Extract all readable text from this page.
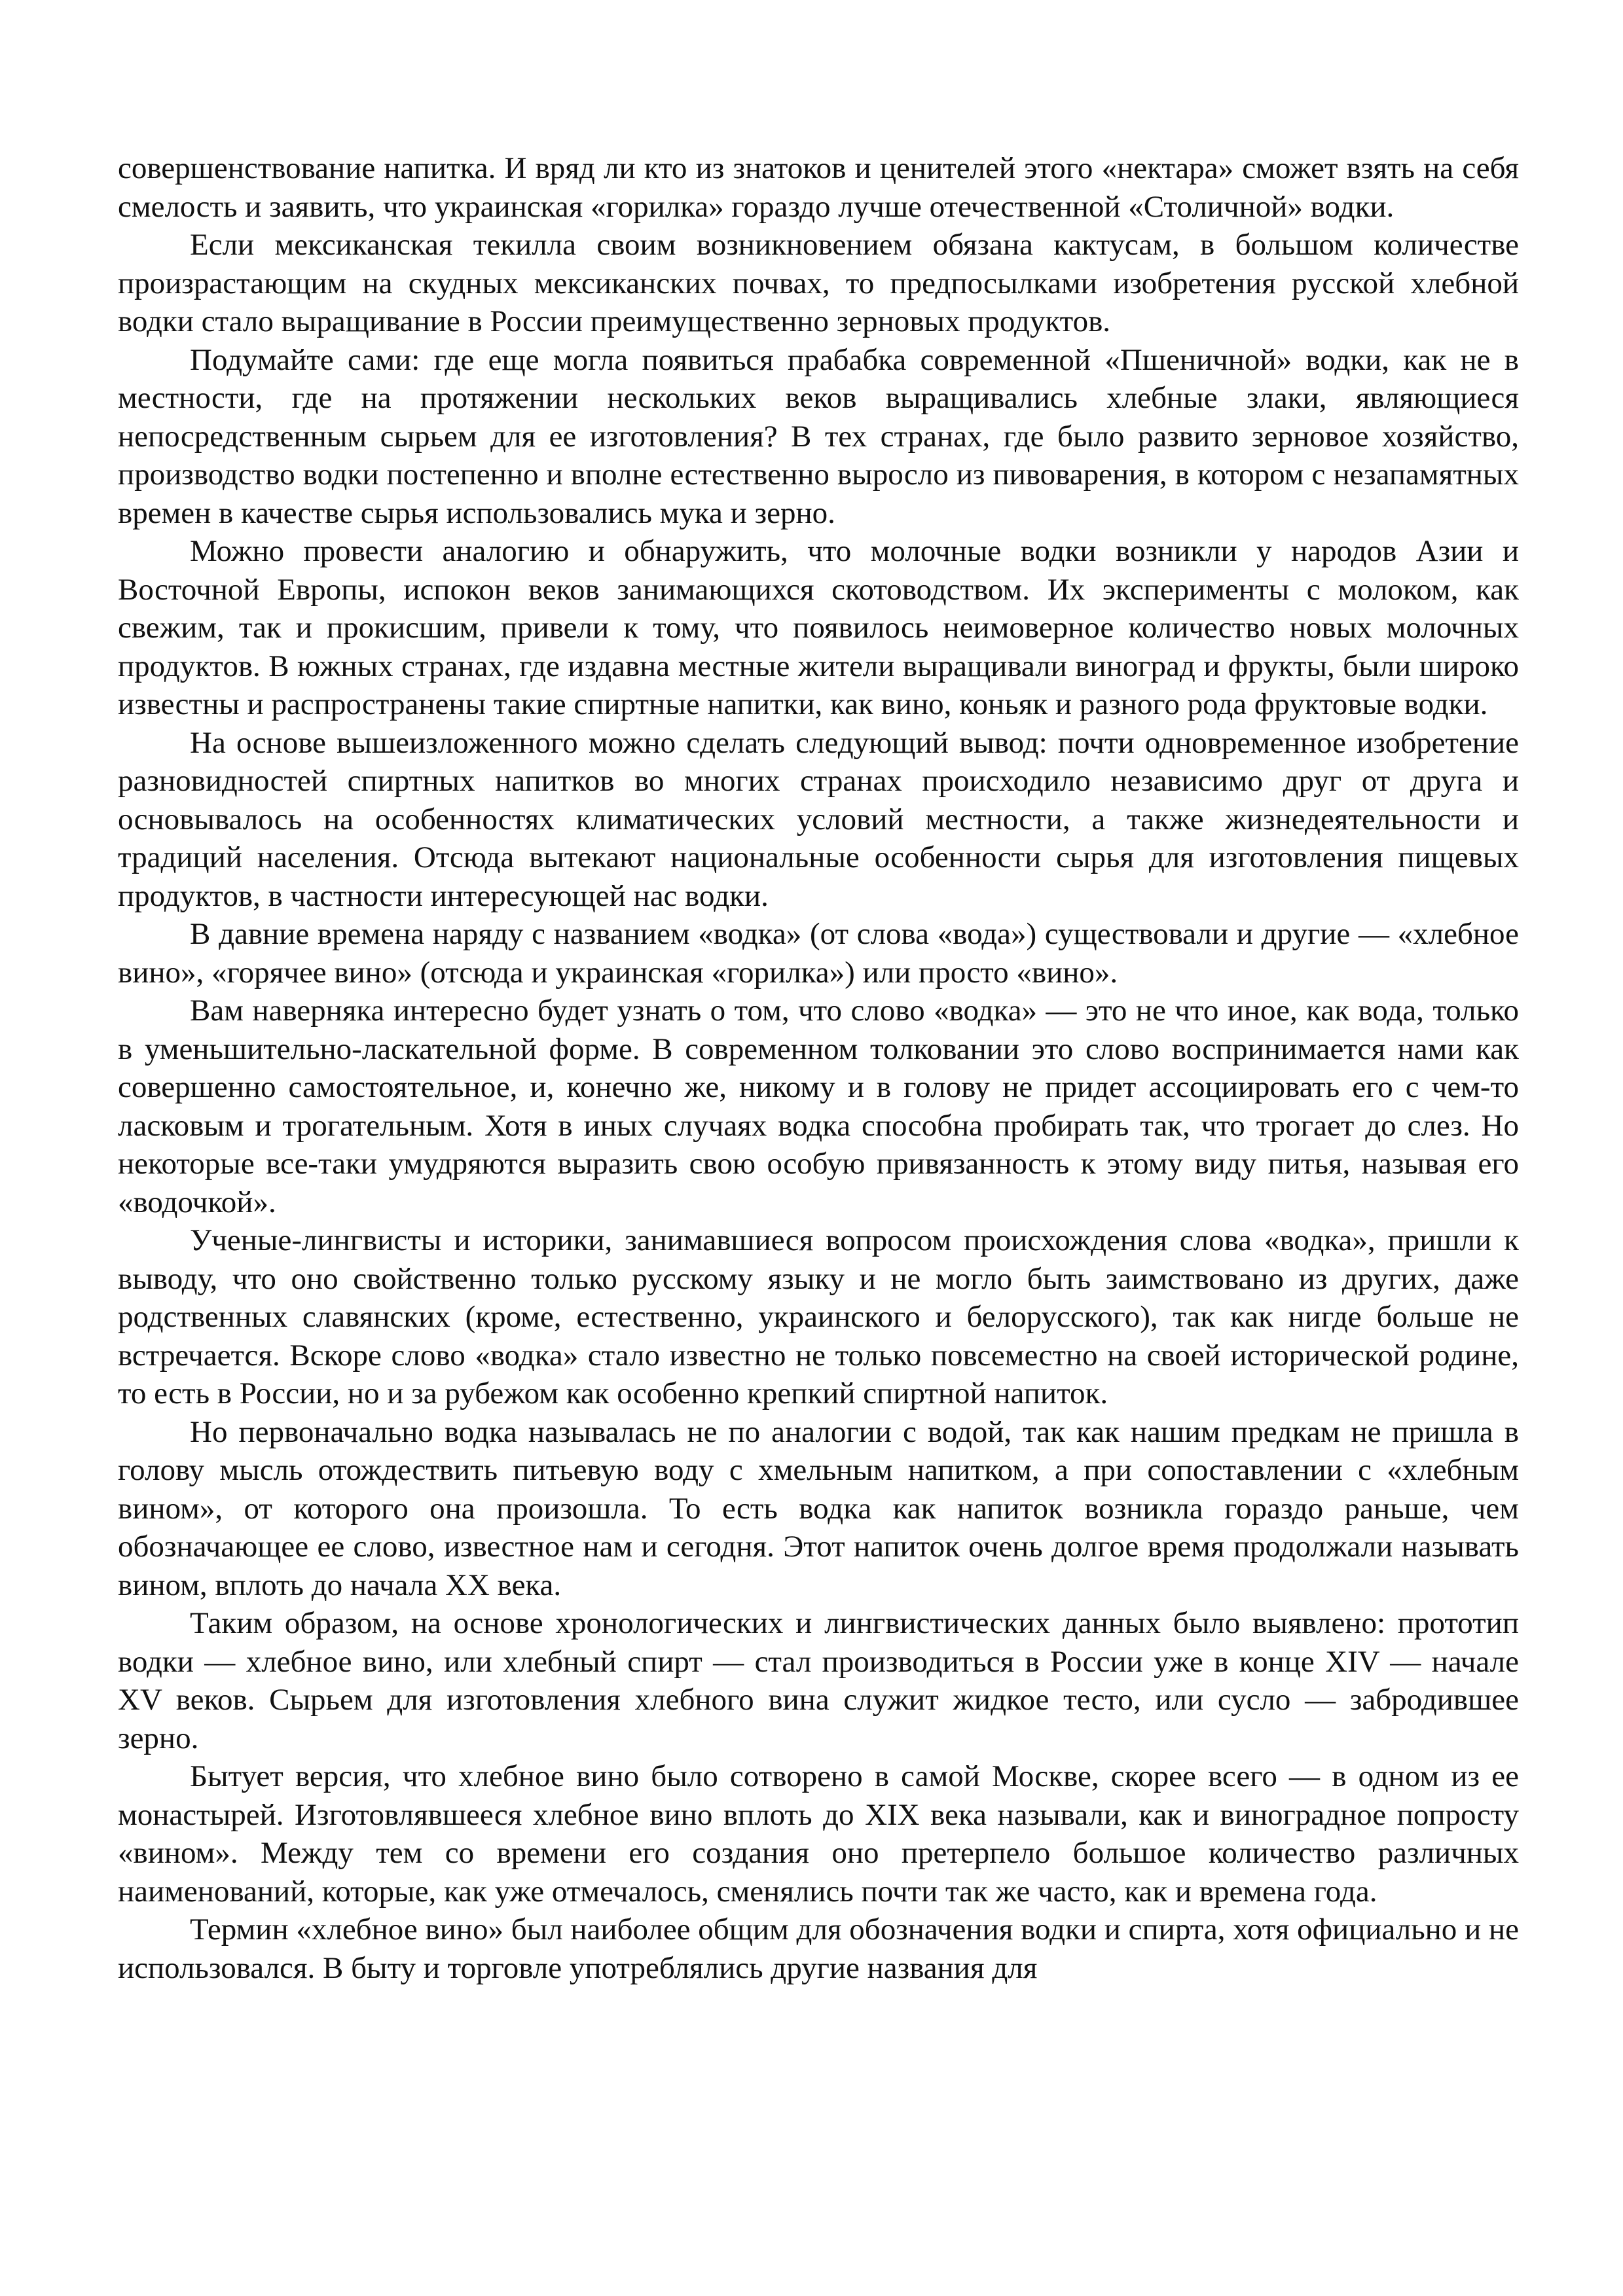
совершенствование напитка. И вряд ли кто из знатоков и ценителей этого «нектара» сможет взять на себя смелость и заявить, что украинская «горилка» гораздо лучше отечественной «Столичной» водки.

Если мексиканская текилла своим возникновением обязана кактусам, в большом количестве произрастающим на скудных мексиканских почвах, то предпосылками изобретения русской хлебной водки стало выращивание в России преимущественно зерновых продуктов.

Подумайте сами: где еще могла появиться прабабка современной «Пшеничной» водки, как не в местности, где на протяжении нескольких веков выращивались хлебные злаки, являющиеся непосредственным сырьем для ее изготовления? В тех странах, где было развито зерновое хозяйство, производство водки постепенно и вполне естественно выросло из пивоварения, в котором с незапамятных времен в качестве сырья использовались мука и зерно.

Можно провести аналогию и обнаружить, что молочные водки возникли у народов Азии и Восточной Европы, испокон веков занимающихся скотоводством. Их эксперименты с молоком, как свежим, так и прокисшим, привели к тому, что появилось неимоверное количество новых молочных продуктов. В южных странах, где издавна местные жители выращивали виноград и фрукты, были широко известны и распространены такие спиртные напитки, как вино, коньяк и разного рода фруктовые водки.

На основе вышеизложенного можно сделать следующий вывод: почти одновременное изобретение разновидностей спиртных напитков во многих странах происходило независимо друг от друга и основывалось на особенностях климатических условий местности, а также жизнедеятельности и традиций населения. Отсюда вытекают национальные особенности сырья для изготовления пищевых продуктов, в частности интересующей нас водки.

В давние времена наряду с названием «водка» (от слова «вода») существовали и другие — «хлебное вино», «горячее вино» (отсюда и украинская «горилка») или просто «вино».

Вам наверняка интересно будет узнать о том, что слово «водка» — это не что иное, как вода, только в уменьшительно-ласкательной форме. В современном толковании это слово воспринимается нами как совершенно самостоятельное, и, конечно же, никому и в голову не придет ассоциировать его с чем-то ласковым и трогательным. Хотя в иных случаях водка способна пробирать так, что трогает до слез. Но некоторые все-таки умудряются выразить свою особую привязанность к этому виду питья, называя его «водочкой».

Ученые-лингвисты и историки, занимавшиеся вопросом происхождения слова «водка», пришли к выводу, что оно свойственно только русскому языку и не могло быть заимствовано из других, даже родственных славянских (кроме, естественно, украинского и белорусского), так как нигде больше не встречается. Вскоре слово «водка» стало известно не только повсеместно на своей исторической родине, то есть в России, но и за рубежом как особенно крепкий спиртной напиток.

Но первоначально водка называлась не по аналогии с водой, так как нашим предкам не пришла в голову мысль отождествить питьевую воду с хмельным напитком, а при сопоставлении с «хлебным вином», от которого она произошла. То есть водка как напиток возникла гораздо раньше, чем обозначающее ее слово, известное нам и сегодня. Этот напиток очень долгое время продолжали называть вином, вплоть до начала XX века.

Таким образом, на основе хронологических и лингвистических данных было выявлено: прототип водки — хлебное вино, или хлебный спирт — стал производиться в России уже в конце XIV — начале XV веков. Сырьем для изготовления хлебного вина служит жидкое тесто, или сусло — забродившее зерно.

Бытует версия, что хлебное вино было сотворено в самой Москве, скорее всего — в одном из ее монастырей. Изготовлявшееся хлебное вино вплоть до XIX века называли, как и виноградное попросту «вином». Между тем со времени его создания оно претерпело большое количество различных наименований, которые, как уже отмечалось, сменялись почти так же часто, как и времена года.

Термин «хлебное вино» был наиболее общим для обозначения водки и спирта, хотя официально и не использовался. В быту и торговле употреблялись другие названия для
